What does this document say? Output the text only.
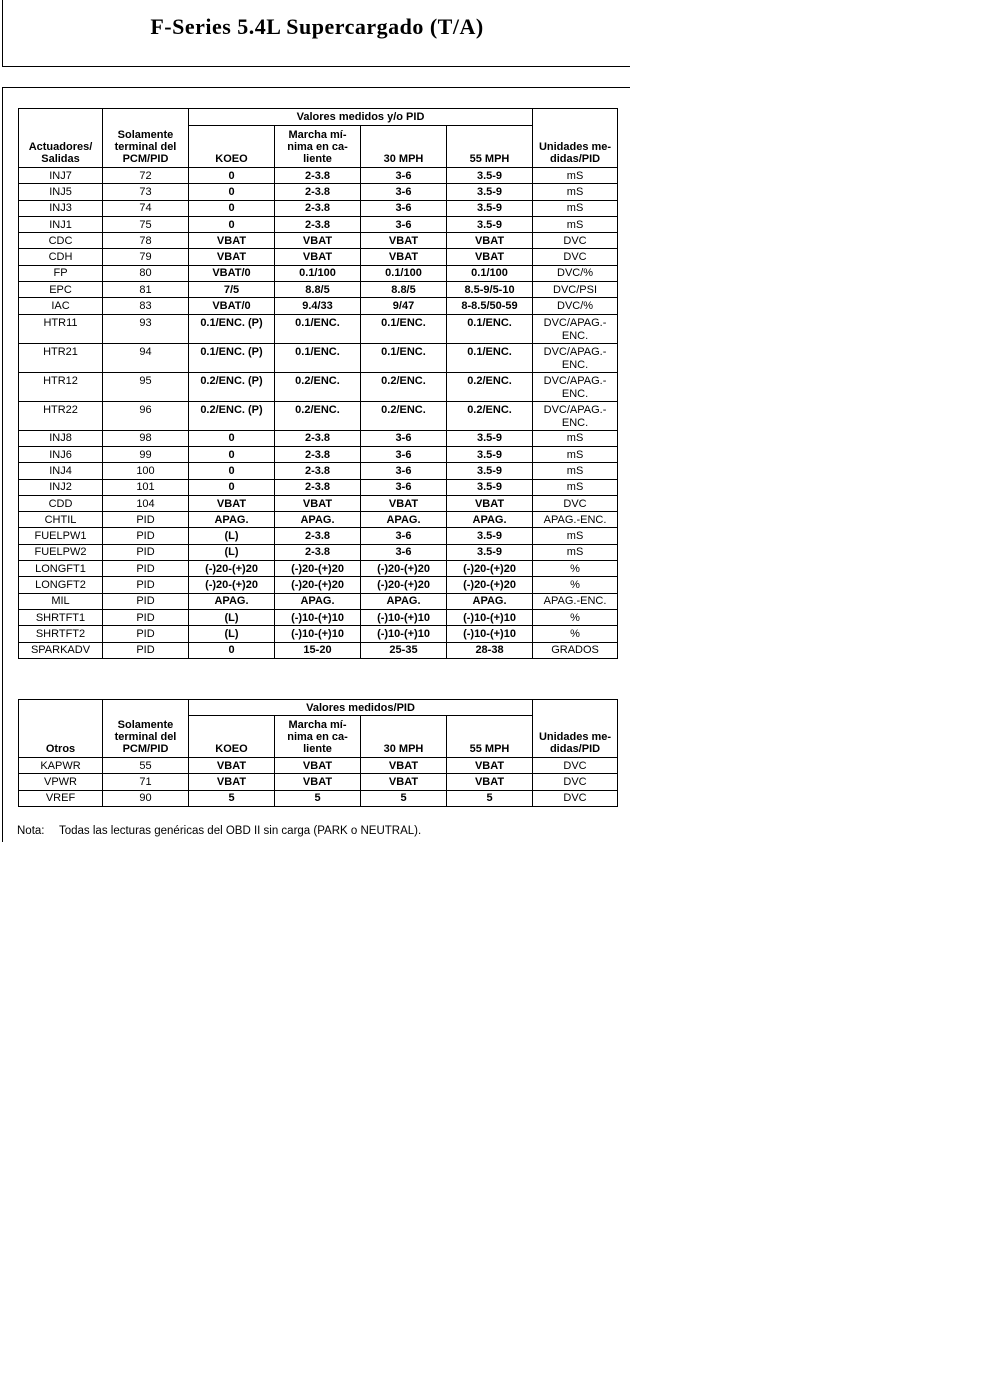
F-Series 5.4L Supercargado (T/A)
Actuadores/ Salidas	Solamente terminal del PCM/PID	Valores medidos y/o PID				Unidades me- didas/PID
		KOEO	Marcha mí- nima en ca- liente	30 MPH	55 MPH	
INJ7	72	0	2-3.8	3-6	3.5-9	mS
INJ5	73	0	2-3.8	3-6	3.5-9	mS
INJ3	74	0	2-3.8	3-6	3.5-9	mS
INJ1	75	0	2-3.8	3-6	3.5-9	mS
CDC	78	VBAT	VBAT	VBAT	VBAT	DVC
CDH	79	VBAT	VBAT	VBAT	VBAT	DVC
FP	80	VBAT/0	0.1/100	0.1/100	0.1/100	DVC/%
EPC	81	7/5	8.8/5	8.8/5	8.5-9/5-10	DVC/PSI
IAC	83	VBAT/0	9.4/33	9/47	8-8.5/50-59	DVC/%
HTR11	93	0.1/ENC. (P)	0.1/ENC.	0.1/ENC.	0.1/ENC.	DVC/APAG.- ENC.
HTR21	94	0.1/ENC. (P)	0.1/ENC.	0.1/ENC.	0.1/ENC.	DVC/APAG.- ENC.
HTR12	95	0.2/ENC. (P)	0.2/ENC.	0.2/ENC.	0.2/ENC.	DVC/APAG.- ENC.
HTR22	96	0.2/ENC. (P)	0.2/ENC.	0.2/ENC.	0.2/ENC.	DVC/APAG.- ENC.
INJ8	98	0	2-3.8	3-6	3.5-9	mS
INJ6	99	0	2-3.8	3-6	3.5-9	mS
INJ4	100	0	2-3.8	3-6	3.5-9	mS
INJ2	101	0	2-3.8	3-6	3.5-9	mS
CDD	104	VBAT	VBAT	VBAT	VBAT	DVC
CHTIL	PID	APAG.	APAG.	APAG.	APAG.	APAG.-ENC.
FUELPW1	PID	(L)	2-3.8	3-6	3.5-9	mS
FUELPW2	PID	(L)	2-3.8	3-6	3.5-9	mS
LONGFT1	PID	(-)20-(+)20	(-)20-(+)20	(-)20-(+)20	(-)20-(+)20	%
LONGFT2	PID	(-)20-(+)20	(-)20-(+)20	(-)20-(+)20	(-)20-(+)20	%
MIL	PID	APAG.	APAG.	APAG.	APAG.	APAG.-ENC.
SHRTFT1	PID	(L)	(-)10-(+)10	(-)10-(+)10	(-)10-(+)10	%
SHRTFT2	PID	(L)	(-)10-(+)10	(-)10-(+)10	(-)10-(+)10	%
SPARKADV	PID	0	15-20	25-35	28-38	GRADOS
Otros	Solamente terminal del PCM/PID	Valores medidos/PID				Unidades me- didas/PID
		KOEO	Marcha mí- nima en ca- liente	30 MPH	55 MPH	
KAPWR	55	VBAT	VBAT	VBAT	VBAT	DVC
VPWR	71	VBAT	VBAT	VBAT	VBAT	DVC
VREF	90	5	5	5	5	DVC
Nota: Todas las lecturas genéricas del OBD II sin carga (PARK o NEUTRAL).
